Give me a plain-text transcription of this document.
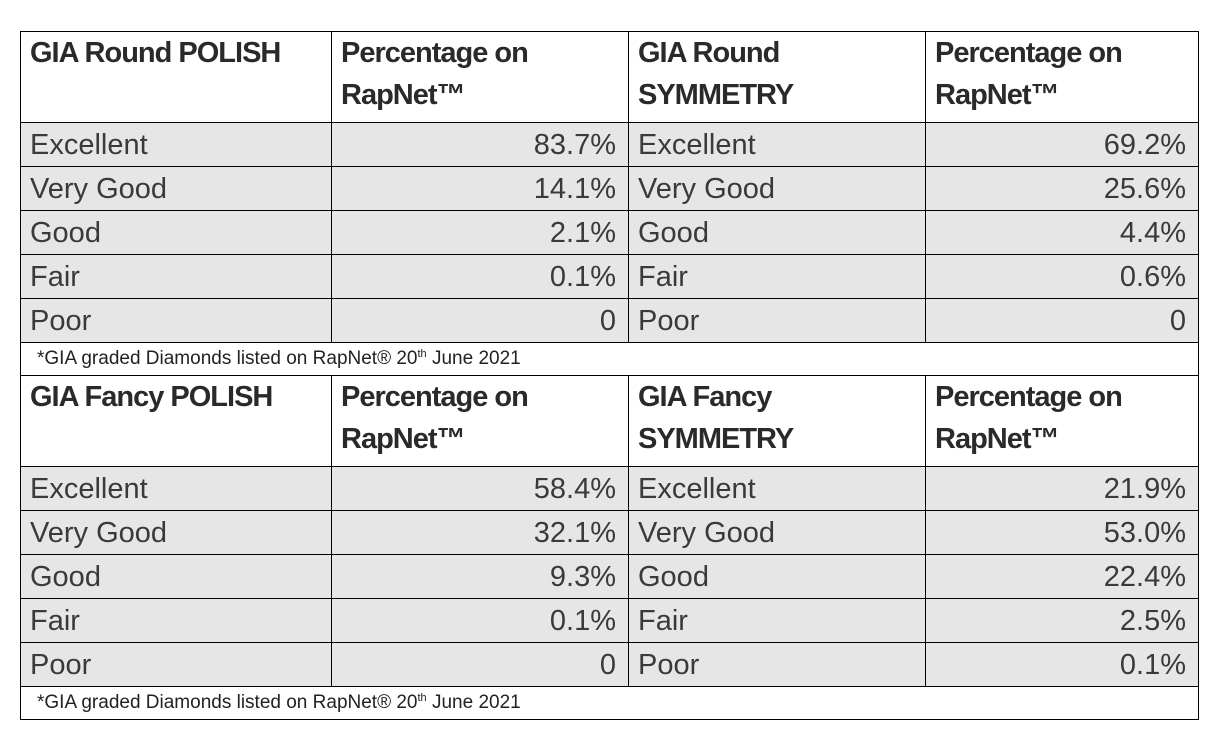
GIA Round POLISH	Percentage on RapNet™	GIA Round SYMMETRY	Percentage on RapNet™
Excellent	83.7%	Excellent	69.2%
Very Good	14.1%	Very Good	25.6%
Good	2.1%	Good	4.4%
Fair	0.1%	Fair	0.6%
Poor	0	Poor	0
*GIA graded Diamonds listed on RapNet® 20th June 2021			
GIA Fancy POLISH	Percentage on RapNet™	GIA Fancy SYMMETRY	Percentage on RapNet™
Excellent	58.4%	Excellent	21.9%
Very Good	32.1%	Very Good	53.0%
Good	9.3%	Good	22.4%
Fair	0.1%	Fair	2.5%
Poor	0	Poor	0.1%
*GIA graded Diamonds listed on RapNet® 20th June 2021			
